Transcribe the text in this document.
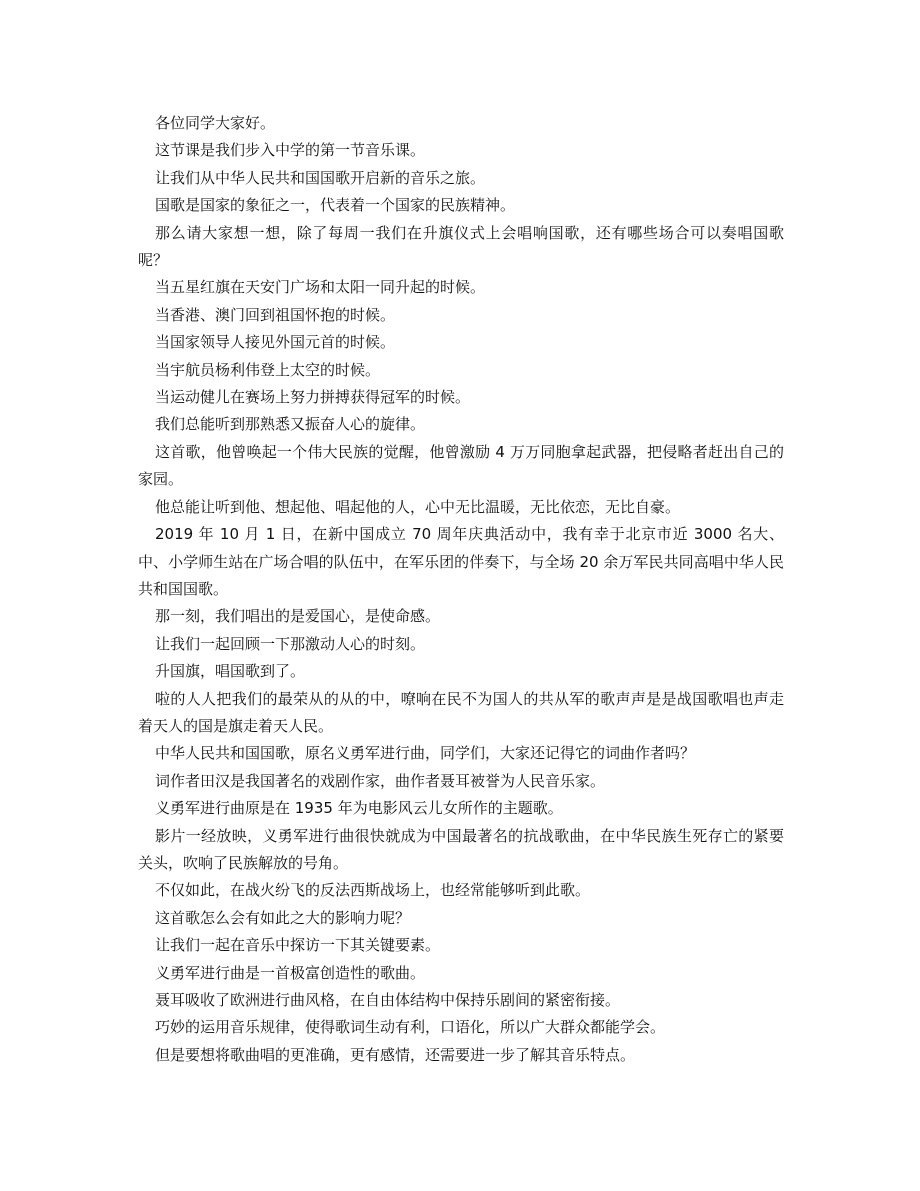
各位同学大家好。

这节课是我们步入中学的第一节音乐课。

让我们从中华人民共和国国歌开启新的音乐之旅。

国歌是国家的象征之一，代表着一个国家的民族精神。

那么请大家想一想，除了每周一我们在升旗仪式上会唱响国歌，还有哪些场合可以奏唱国歌呢？

当五星红旗在天安门广场和太阳一同升起的时候。

当香港、澳门回到祖国怀抱的时候。

当国家领导人接见外国元首的时候。

当宇航员杨利伟登上太空的时候。

当运动健儿在赛场上努力拼搏获得冠军的时候。

我们总能听到那熟悉又振奋人心的旋律。

这首歌，他曾唤起一个伟大民族的觉醒，他曾激励 4 万万同胞拿起武器，把侵略者赶出自己的家园。

他总能让听到他、想起他、唱起他的人，心中无比温暖，无比依恋，无比自豪。

2019 年 10 月 1 日，在新中国成立 70 周年庆典活动中，我有幸于北京市近 3000 名大、中、小学师生站在广场合唱的队伍中，在军乐团的伴奏下，与全场 20 余万军民共同高唱中华人民共和国国歌。

那一刻，我们唱出的是爱国心，是使命感。

让我们一起回顾一下那激动人心的时刻。

升国旗，唱国歌到了。

啦的人人把我们的最荣从的从的中，嘹响在民不为国人的共从军的歌声声是是战国歌唱也声走着天人的国是旗走着天人民。

中华人民共和国国歌，原名义勇军进行曲，同学们，大家还记得它的词曲作者吗？

词作者田汉是我国著名的戏剧作家，曲作者聂耳被誉为人民音乐家。

义勇军进行曲原是在 1935 年为电影风云儿女所作的主题歌。

影片一经放映，义勇军进行曲很快就成为中国最著名的抗战歌曲，在中华民族生死存亡的紧要关头，吹响了民族解放的号角。

不仅如此，在战火纷飞的反法西斯战场上，也经常能够听到此歌。

这首歌怎么会有如此之大的影响力呢？

让我们一起在音乐中探访一下其关键要素。

义勇军进行曲是一首极富创造性的歌曲。

聂耳吸收了欧洲进行曲风格，在自由体结构中保持乐剧间的紧密衔接。

巧妙的运用音乐规律，使得歌词生动有利，口语化，所以广大群众都能学会。

但是要想将歌曲唱的更准确，更有感情，还需要进一步了解其音乐特点。
